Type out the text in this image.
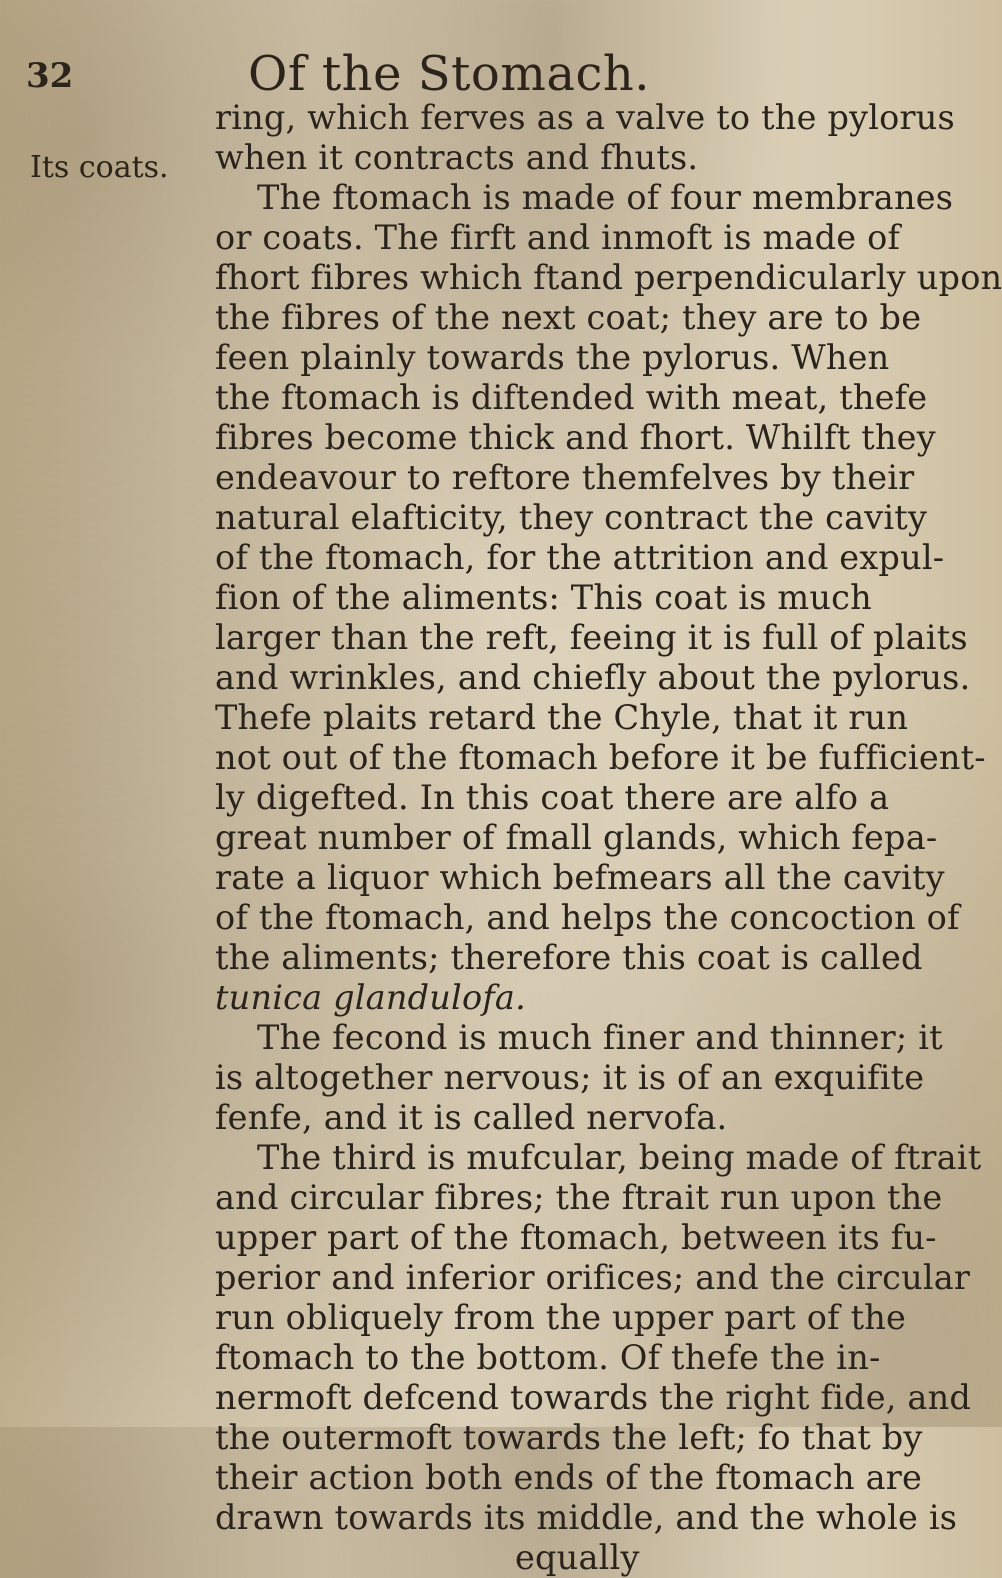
32	Of the Stomach.
Its coats.
ring, which ferves as a valve to the pylorus
when it contracts and fhuts.
The ftomach is made of four membranes
or coats. The firft and inmoft is made of
fhort fibres which ftand perpendicularly upon
the fibres of the next coat; they are to be
feen plainly towards the pylorus. When
the ftomach is diftended with meat, thefe
fibres become thick and fhort. Whilft they
endeavour to reftore themfelves by their
natural elafticity, they contract the cavity
of the ftomach, for the attrition and expul-
fion of the aliments: This coat is much
larger than the reft, feeing it is full of plaits
and wrinkles, and chiefly about the pylorus.
Thefe plaits retard the Chyle, that it run
not out of the ftomach before it be fufficient-
ly digefted. In this coat there are alfo a
great number of fmall glands, which fepa-
rate a liquor which befmears all the cavity
of the ftomach, and helps the concoction of
the aliments; therefore this coat is called
tunica glandulofa.
The fecond is much finer and thinner; it
is altogether nervous; it is of an exquifite
fenfe, and it is called nervofa.
The third is mufcular, being made of ftrait
and circular fibres; the ftrait run upon the
upper part of the ftomach, between its fu-
perior and inferior orifices; and the circular
run obliquely from the upper part of the
ftomach to the bottom. Of thefe the in-
nermoft defcend towards the right fide, and
the outermoft towards the left; fo that by
their action both ends of the ftomach are
drawn towards its middle, and the whole is
equally
